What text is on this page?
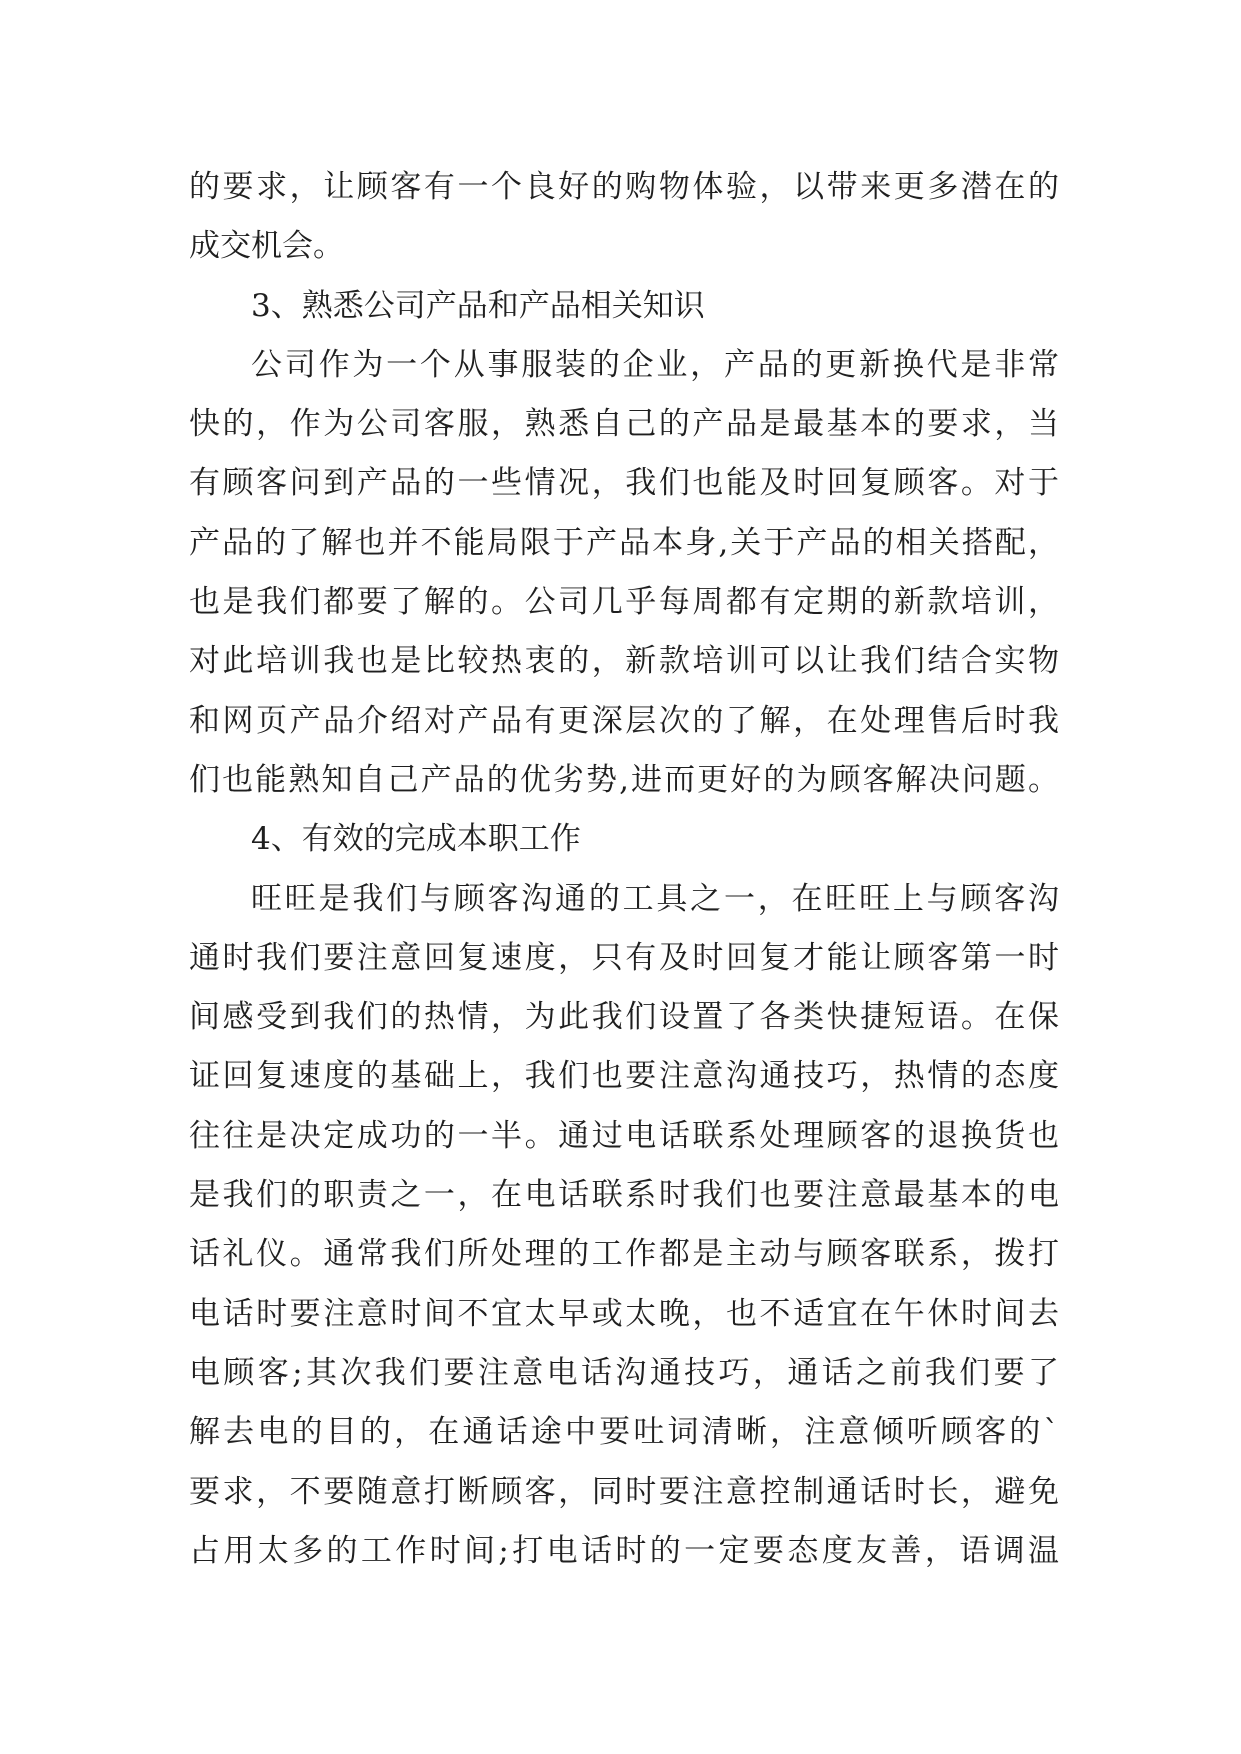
的要求，让顾客有一个良好的购物体验，以带来更多潜在的
成交机会。
3、熟悉公司产品和产品相关知识
公司作为一个从事服装的企业，产品的更新换代是非常
快的，作为公司客服，熟悉自己的产品是最基本的要求，当
有顾客问到产品的一些情况，我们也能及时回复顾客。对于
产品的了解也并不能局限于产品本身,关于产品的相关搭配，
也是我们都要了解的。公司几乎每周都有定期的新款培训，
对此培训我也是比较热衷的，新款培训可以让我们结合实物
和网页产品介绍对产品有更深层次的了解，在处理售后时我
们也能熟知自己产品的优劣势,进而更好的为顾客解决问题。
4、有效的完成本职工作
旺旺是我们与顾客沟通的工具之一，在旺旺上与顾客沟
通时我们要注意回复速度，只有及时回复才能让顾客第一时
间感受到我们的热情，为此我们设置了各类快捷短语。在保
证回复速度的基础上，我们也要注意沟通技巧，热情的态度
往往是决定成功的一半。通过电话联系处理顾客的退换货也
是我们的职责之一，在电话联系时我们也要注意最基本的电
话礼仪。通常我们所处理的工作都是主动与顾客联系，拨打
电话时要注意时间不宜太早或太晚，也不适宜在午休时间去
电顾客;其次我们要注意电话沟通技巧，通话之前我们要了
解去电的目的，在通话途中要吐词清晰，注意倾听顾客的`
要求，不要随意打断顾客，同时要注意控制通话时长，避免
占用太多的工作时间;打电话时的一定要态度友善，语调温
